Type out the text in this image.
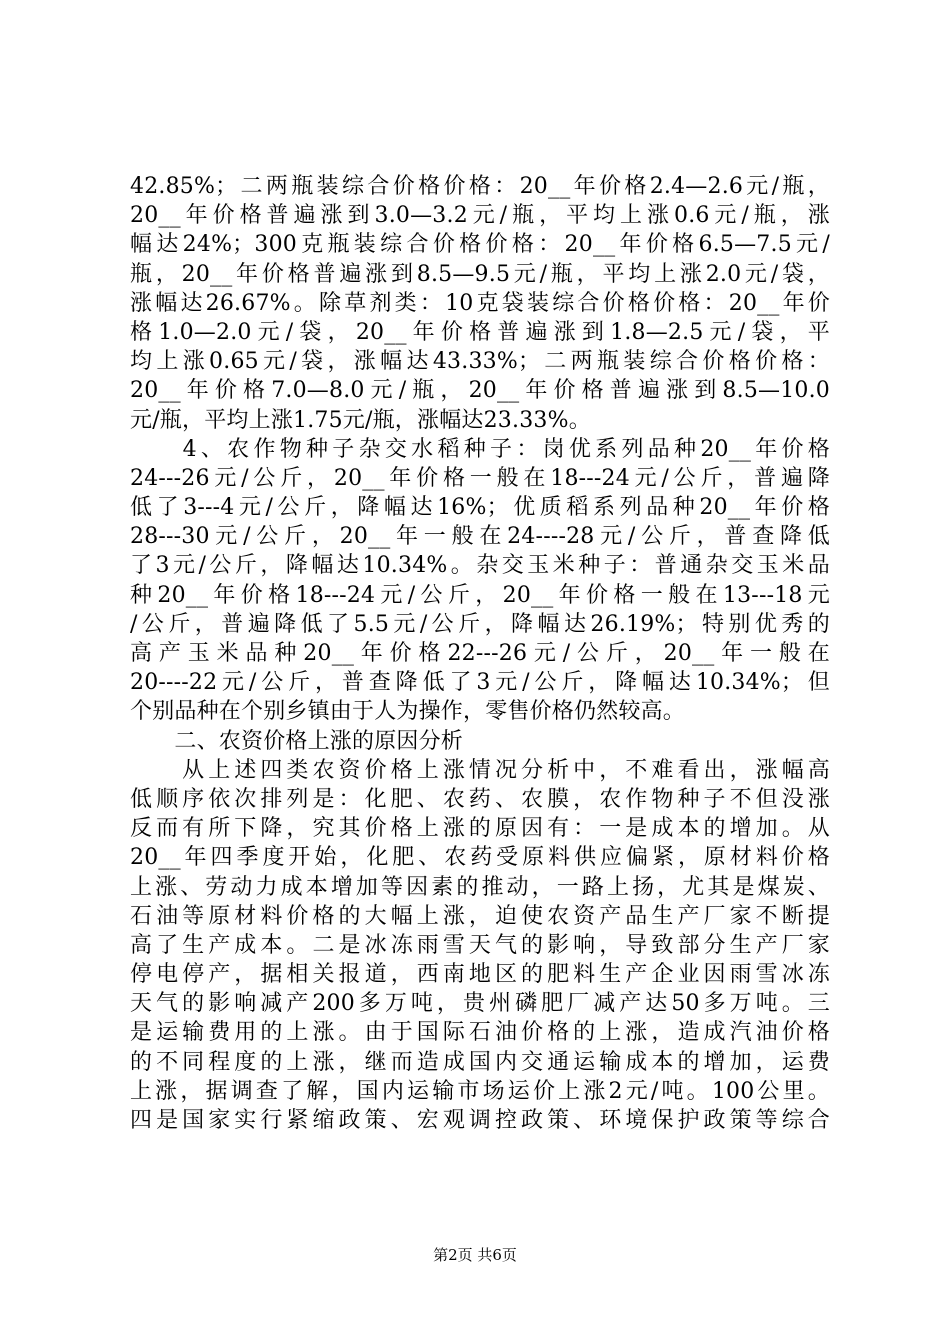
42.85%；二两瓶装综合价格价格：20__年价格2.4—2.6元/瓶，
20__年价格普遍涨到3.0—3.2元/瓶，平均上涨0.6元/瓶，涨
幅达24%；300克瓶装综合价格价格：20__年价格6.5—7.5元/
瓶，20__年价格普遍涨到8.5—9.5元/瓶，平均上涨2.0元/袋，
涨幅达26.67%。除草剂类：10克袋装综合价格价格：20__年价
格1.0—2.0元/袋，20__年价格普遍涨到1.8—2.5元/袋，平
均上涨0.65元/袋，涨幅达43.33%；二两瓶装综合价格价格：
20__年价格7.0—8.0元/瓶，20__年价格普遍涨到8.5—10.0
元/瓶，平均上涨1.75元/瓶，涨幅达23.33%。
　　4、农作物种子杂交水稻种子：岗优系列品种20__年价格
24---26元/公斤，20__年价格一般在18---24元/公斤，普遍降
低了3---4元/公斤，降幅达16%；优质稻系列品种20__年价格
28---30元/公斤，20__年一般在24----28元/公斤，普查降低
了3元/公斤，降幅达10.34%。杂交玉米种子：普通杂交玉米品
种20__年价格18---24元/公斤，20__年价格一般在13---18元
/公斤，普遍降低了5.5元/公斤，降幅达26.19%；特别优秀的
高产玉米品种20__年价格22---26元/公斤，20__年一般在
20----22元/公斤，普查降低了3元/公斤，降幅达10.34%；但
个别品种在个别乡镇由于人为操作，零售价格仍然较高。
　　二、农资价格上涨的原因分析
　　从上述四类农资价格上涨情况分析中，不难看出，涨幅高
低顺序依次排列是：化肥、农药、农膜，农作物种子不但没涨
反而有所下降，究其价格上涨的原因有：一是成本的增加。从
20__年四季度开始，化肥、农药受原料供应偏紧，原材料价格
上涨、劳动力成本增加等因素的推动，一路上扬，尤其是煤炭、
石油等原材料价格的大幅上涨，迫使农资产品生产厂家不断提
高了生产成本。二是冰冻雨雪天气的影响，导致部分生产厂家
停电停产，据相关报道，西南地区的肥料生产企业因雨雪冰冻
天气的影响减产200多万吨，贵州磷肥厂减产达50多万吨。三
是运输费用的上涨。由于国际石油价格的上涨，造成汽油价格
的不同程度的上涨，继而造成国内交通运输成本的增加，运费
上涨，据调查了解，国内运输市场运价上涨2元/吨。100公里。
四是国家实行紧缩政策、宏观调控政策、环境保护政策等综合
第2页 共6页
